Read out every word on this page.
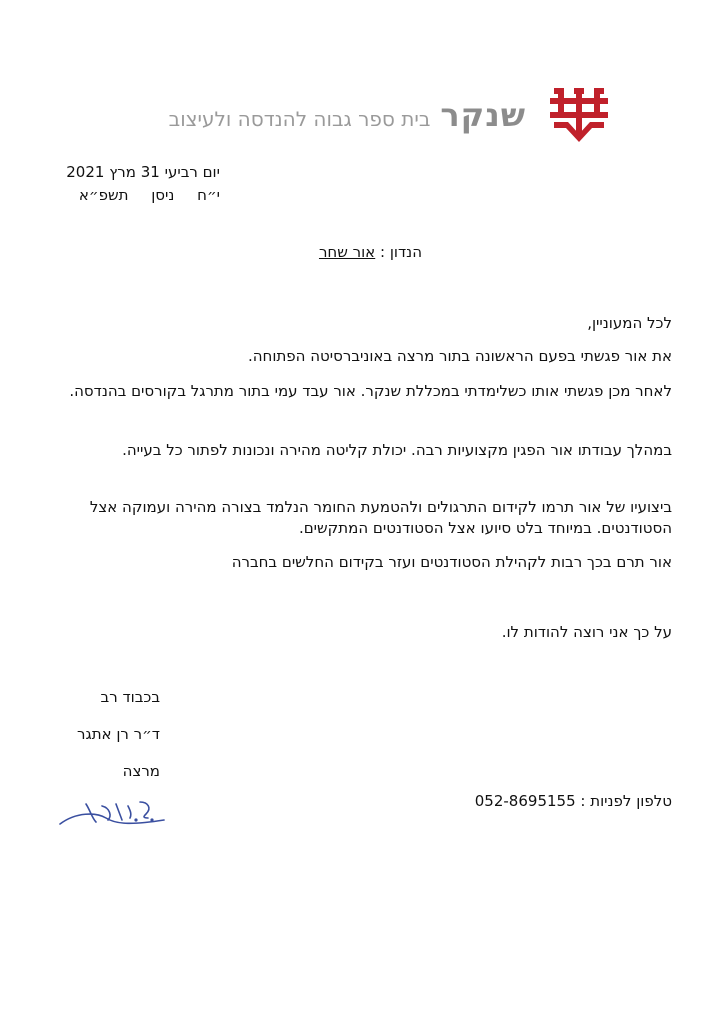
שנקרבית ספר גבוה להנדסה ולעיצוב
יום רביעי 31 מרץ 2021
י״ח ניסן תשפ״א
הנדון : אור שחר
לכל המעוניין,
את אור פגשתי בפעם הראשונה בתור מרצה באוניברסיטה הפתוחה.
לאחר מכן פגשתי אותו כשלימדתי במכללת שנקר. אור עבד עמי בתור מתרגל בקורסים בהנדסה.
במהלך עבודתו אור הפגין מקצועיות רבה. יכולת קליטה מהירה ונכונות לפתור כל בעייה.
ביצועיו של אור תרמו לקידום התרגולים ולהטמעת החומר הנלמד בצורה מהירה ועמוקה אצל הסטודנטים. במיוחד בלט סיועו אצל הסטודנטים המתקשים.
אור תרם בכך רבות לקהילת הסטודנטים ועזר בקידום החלשים בחברה
על כך אני רוצה להודות לו.
בכבוד רב
ד״ר רן אתגר
מרצה
טלפון לפניות : 052-8695155
